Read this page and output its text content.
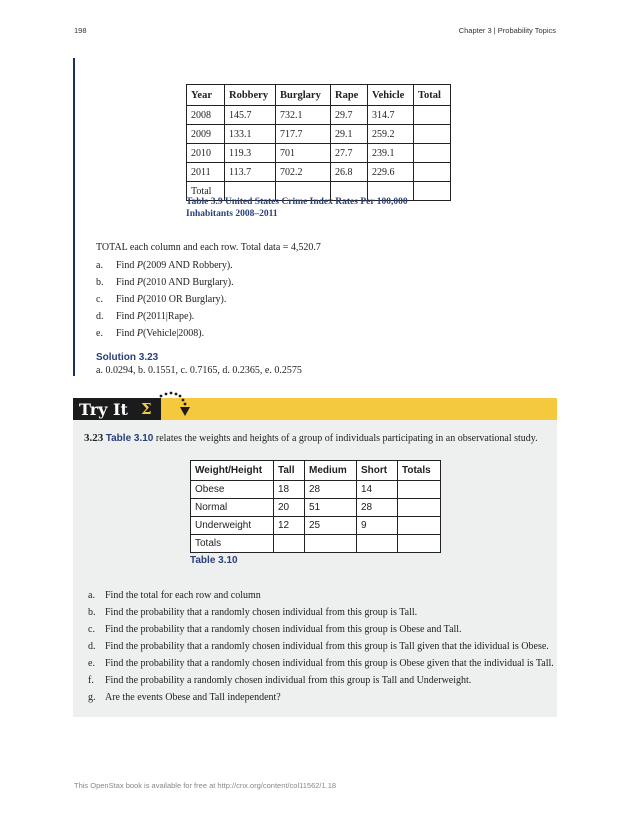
198	Chapter 3 | Probability Topics
Year	Robbery	Burglary	Rape	Vehicle	Total
2008	145.7	732.1	29.7	314.7	
2009	133.1	717.7	29.1	259.2	
2010	119.3	701	27.7	239.1	
2011	113.7	702.2	26.8	229.6	
Total					
Table 3.9 United States Crime Index Rates Per 100,000 Inhabitants 2008–2011
TOTAL each column and each row. Total data = 4,520.7
a.	Find P(2009 AND Robbery).
b.	Find P(2010 AND Burglary).
c.	Find P(2010 OR Burglary).
d.	Find P(2011|Rape).
e.	Find P(Vehicle|2008).
Solution 3.23
a. 0.0294, b. 0.1551, c. 0.7165, d. 0.2365, e. 0.2575
Try It Σ
3.23 Table 3.10 relates the weights and heights of a group of individuals participating in an observational study.
Weight/Height	Tall	Medium	Short	Totals
Obese	18	28	14	
Normal	20	51	28	
Underweight	12	25	9	
Totals				
Table 3.10
a.	Find the total for each row and column
b. Find the probability that a randomly chosen individual from this group is Tall.
c.	Find the probability that a randomly chosen individual from this group is Obese and Tall.
d. Find the probability that a randomly chosen individual from this group is Tall given that the idividual is Obese.
e.	Find the probability that a randomly chosen individual from this group is Obese given that the individual is Tall.
f.	Find the probability a randomly chosen individual from this group is Tall and Underweight.
g. Are the events Obese and Tall independent?
This OpenStax book is available for free at http://cnx.org/content/col11562/1.18
